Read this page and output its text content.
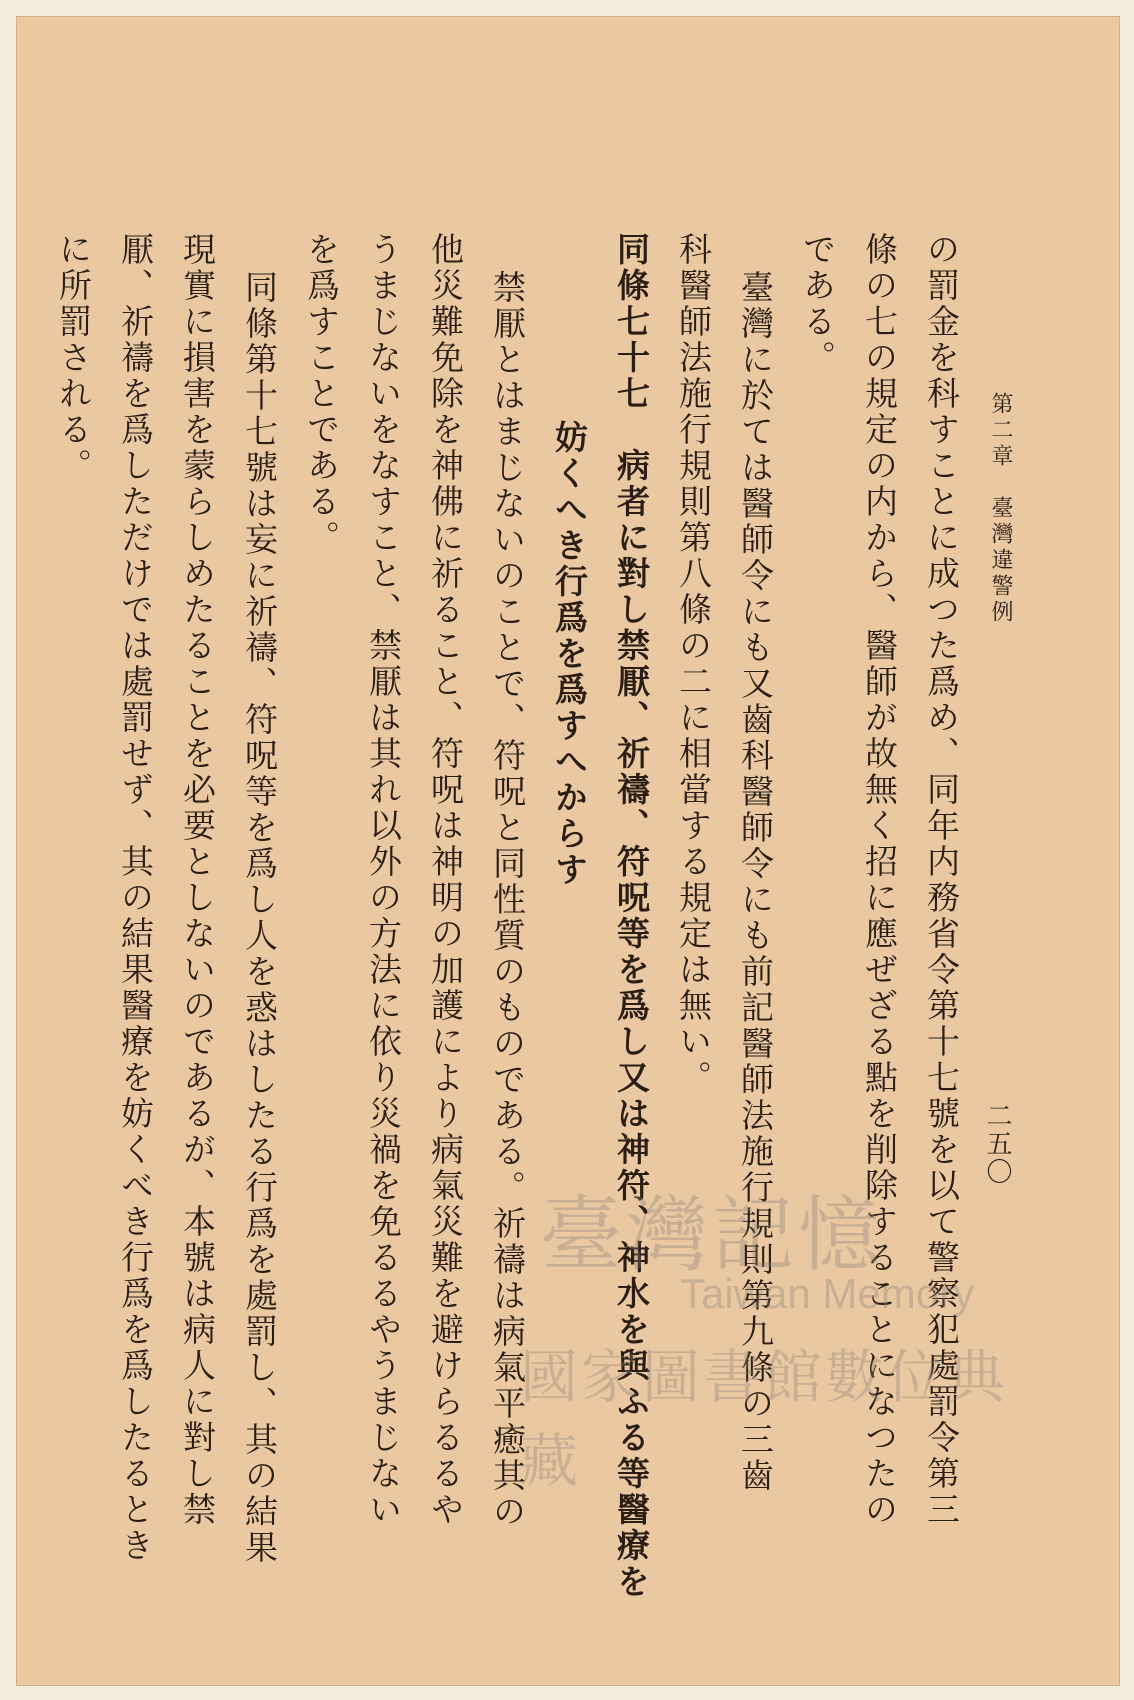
第二章　臺灣違警例
二五〇
の罰金を科すことに成つた爲め、同年内務省令第十七號を以て警察犯處罰令第三
條の七の規定の内から、醫師が故無く招に應ぜざる點を削除することになつたの
である。
臺灣に於ては醫師令にも又齒科醫師令にも前記醫師法施行規則第九條の三齒
科醫師法施行規則第八條の二に相當する規定は無い。
同條七十七　病者に對し禁厭、祈禱、符呪等を爲し又は神符、神水を與ふる等醫療を
妨くへき行爲を爲すへからす
禁厭とはまじないのことで、符呪と同性質のものである。祈禱は病氣平癒其の
他災難免除を神佛に祈ること、符呪は神明の加護により病氣災難を避けらるるや
うまじないをなすこと、禁厭は其れ以外の方法に依り災禍を免るるやうまじない
を爲すことである。
同條第十七號は妄に祈禱、符呪等を爲し人を惑はしたる行爲を處罰し、其の結果
現實に損害を蒙らしめたることを必要としないのであるが、本號は病人に對し禁
厭、祈禱を爲しただけでは處罰せず、其の結果醫療を妨くべき行爲を爲したるとき
に所罰される。
臺灣記憶
Taiwan Memory
國家圖書館數位典藏
